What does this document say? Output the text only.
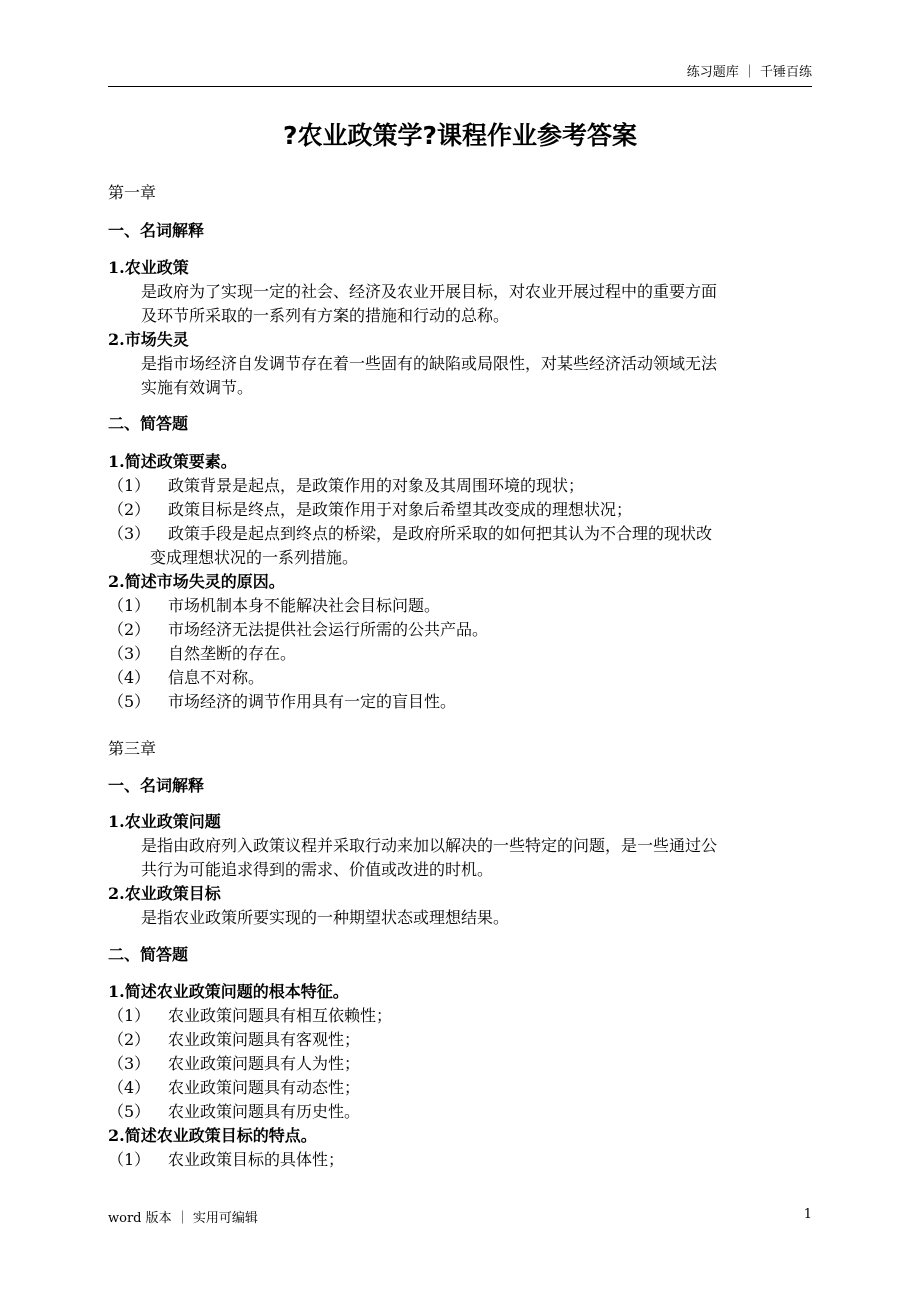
练习题库 ｜ 千锤百练
?农业政策学?课程作业参考答案
第一章
一、名词解释
1.农业政策
是政府为了实现一定的社会、经济及农业开展目标，对农业开展过程中的重要方面
及环节所采取的一系列有方案的措施和行动的总称。
2.市场失灵
是指市场经济自发调节存在着一些固有的缺陷或局限性，对某些经济活动领域无法
实施有效调节。
二、简答题
1.简述政策要素。
（1） 政策背景是起点，是政策作用的对象及其周围环境的现状；
（2） 政策目标是终点，是政策作用于对象后希望其改变成的理想状况；
（3） 政策手段是起点到终点的桥梁，是政府所采取的如何把其认为不合理的现状改
变成理想状况的一系列措施。
2.简述市场失灵的原因。
（1） 市场机制本身不能解决社会目标问题。
（2） 市场经济无法提供社会运行所需的公共产品。
（3） 自然垄断的存在。
（4） 信息不对称。
（5） 市场经济的调节作用具有一定的盲目性。
第三章
一、名词解释
1.农业政策问题
是指由政府列入政策议程并采取行动来加以解决的一些特定的问题，是一些通过公
共行为可能追求得到的需求、价值或改进的时机。
2.农业政策目标
是指农业政策所要实现的一种期望状态或理想结果。
二、简答题
1.简述农业政策问题的根本特征。
（1） 农业政策问题具有相互依赖性；
（2） 农业政策问题具有客观性；
（3） 农业政策问题具有人为性；
（4） 农业政策问题具有动态性；
（5） 农业政策问题具有历史性。
2.简述农业政策目标的特点。
（1） 农业政策目标的具体性；
word 版本 ｜ 实用可编辑	1
